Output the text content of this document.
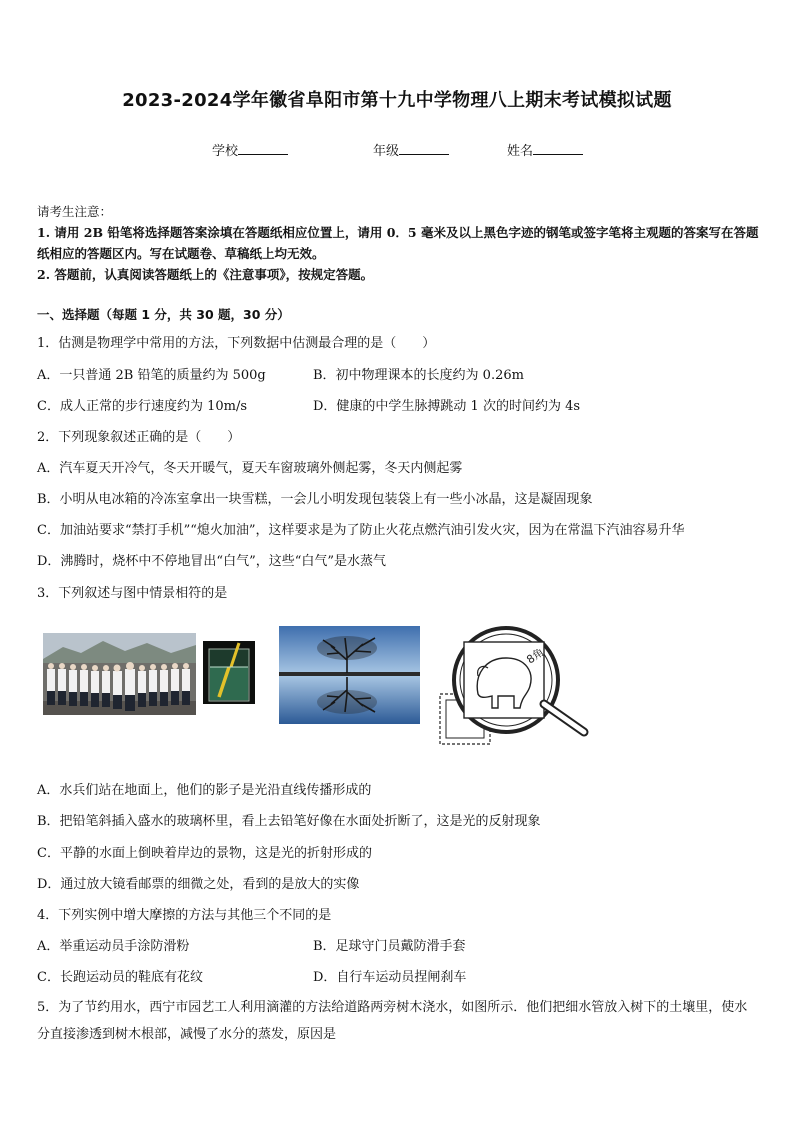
2023-2024学年徽省阜阳市第十九中学物理八上期末考试模拟试题
学校	年级	姓名
请考生注意：
1. 请用 2B 铅笔将选择题答案涂填在答题纸相应位置上，请用 0．5 毫米及以上黑色字迹的钢笔或签字笔将主观题的答案写在答题纸相应的答题区内。写在试题卷、草稿纸上均无效。
2. 答题前，认真阅读答题纸上的《注意事项》，按规定答题。
一、选择题（每题 1 分，共 30 题，30 分）
1．估测是物理学中常用的方法，下列数据中估测最合理的是（　　）
A．一只普通 2B 铅笔的质量约为 500g	B．初中物理课本的长度约为 0.26m
C．成人正常的步行速度约为 10m/s	D．健康的中学生脉搏跳动 1 次的时间约为 4s
2．下列现象叙述正确的是（　　）
A．汽车夏天开冷气，冬天开暖气，夏天车窗玻璃外侧起雾，冬天内侧起雾
B．小明从电冰箱的冷冻室拿出一块雪糕，一会儿小明发现包装袋上有一些小冰晶，这是凝固现象
C．加油站要求“禁打手机”“熄火加油”，这样要求是为了防止火花点燃汽油引发火灾，因为在常温下汽油容易升华
D．沸腾时，烧杯中不停地冒出“白气”，这些“白气”是水蒸气
3．下列叙述与图中情景相符的是
8角
A．水兵们站在地面上，他们的影子是光沿直线传播形成的
B．把铅笔斜插入盛水的玻璃杯里，看上去铅笔好像在水面处折断了，这是光的反射现象
C．平静的水面上倒映着岸边的景物，这是光的折射形成的
D．通过放大镜看邮票的细微之处，看到的是放大的实像
4．下列实例中增大摩擦的方法与其他三个不同的是
A．举重运动员手涂防滑粉	B．足球守门员戴防滑手套
C．长跑运动员的鞋底有花纹	D．自行车运动员捏闸刹车
5．为了节约用水，西宁市园艺工人利用滴灌的方法给道路两旁树木浇水，如图所示．他们把细水管放入树下的土壤里，使水分直接渗透到树木根部，减慢了水分的蒸发，原因是
